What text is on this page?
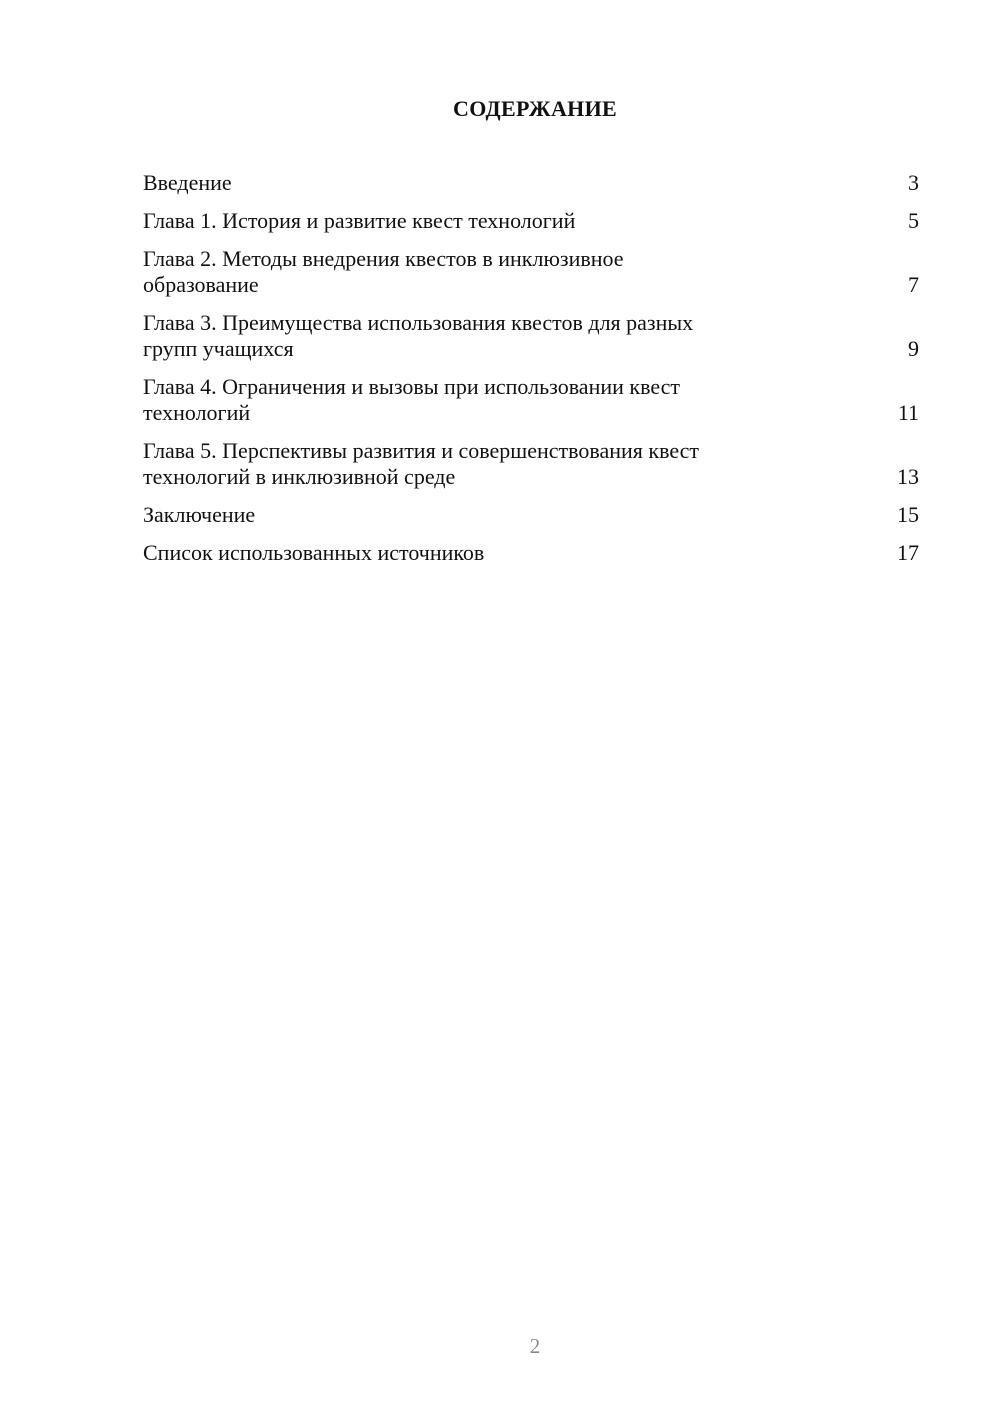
СОДЕРЖАНИЕ
Введение	3
Глава 1. История и развитие квест технологий	5
Глава 2. Методы внедрения квестов в инклюзивное
образование	7
Глава 3. Преимущества использования квестов для разных
групп учащихся	9
Глава 4. Ограничения и вызовы при использовании квест
технологий	11
Глава 5. Перспективы развития и совершенствования квест
технологий в инклюзивной среде	13
Заключение	15
Список использованных источников	17
2
